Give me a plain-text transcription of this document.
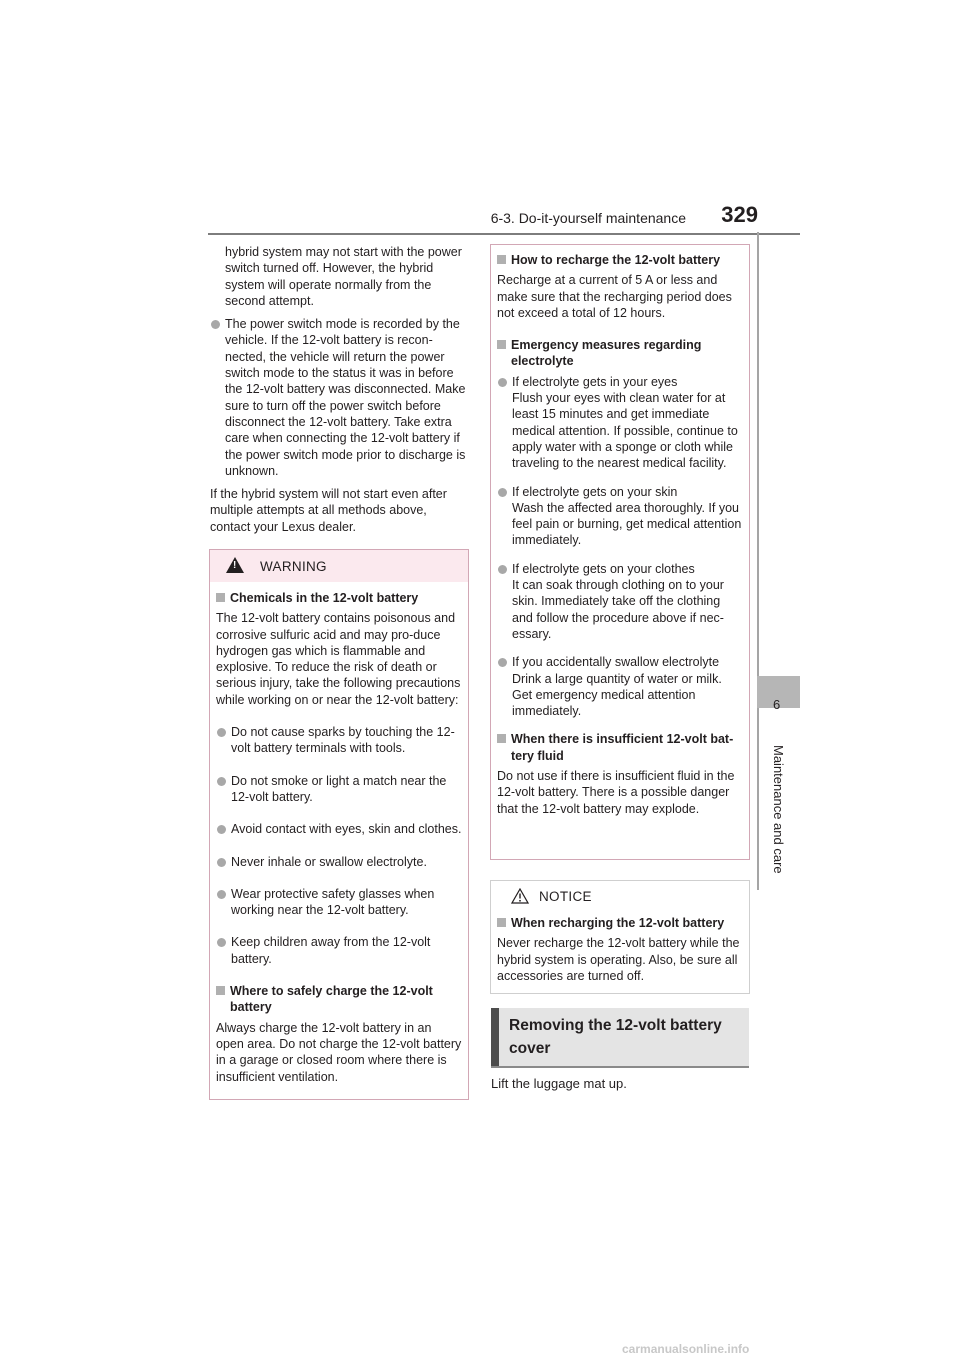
6-3. Do-it-yourself maintenance 329
6
Maintenance and care

hybrid system may not start with the power switch turned off. However, the hybrid system will operate normally from the second attempt.

The power switch mode is recorded by the vehicle. If the 12-volt battery is recon-nected, the vehicle will return the power switch mode to the status it was in before the 12-volt battery was disconnected. Make sure to turn off the power switch before disconnect the 12-volt battery. Take extra care when connecting the 12-volt battery if the power switch mode prior to discharge is unknown.

If the hybrid system will not start even after multiple attempts at all methods above, contact your Lexus dealer.

!
WARNING

Chemicals in the 12-volt battery

The 12-volt battery contains poisonous and corrosive sulfuric acid and may pro-duce hydrogen gas which is flammable and explosive. To reduce the risk of death or serious injury, take the following precautions while working on or near the 12-volt battery:

Do not cause sparks by touching the 12-volt battery terminals with tools.

Do not smoke or light a match near the 12-volt battery.

Avoid contact with eyes, skin and clothes.

Never inhale or swallow electrolyte.

Wear protective safety glasses when working near the 12-volt battery.

Keep children away from the 12-volt battery.

Where to safely charge the 12-volt battery

Always charge the 12-volt battery in an open area. Do not charge the 12-volt battery in a garage or closed room where there is insufficient ventilation.

How to recharge the 12-volt battery

Recharge at a current of 5 A or less and make sure that the recharging period does not exceed a total of 12 hours.

Emergency measures regarding electrolyte

If electrolyte gets in your eyes
Flush your eyes with clean water for at least 15 minutes and get immediate medical attention. If possible, continue to apply water with a sponge or cloth while traveling to the nearest medical facility.
If electrolyte gets on your skin
Wash the affected area thoroughly. If you feel pain or burning, get medical attention immediately.
If electrolyte gets on your clothes
It can soak through clothing on to your skin. Immediately take off the clothing and follow the procedure above if nec-essary.
If you accidentally swallow electrolyte
Drink a large quantity of water or milk. Get emergency medical attention immediately.

When there is insufficient 12-volt bat-tery fluid

Do not use if there is insufficient fluid in the 12-volt battery. There is a possible danger that the 12-volt battery may explode.

NOTICE

When recharging the 12-volt battery

Never recharge the 12-volt battery while the hybrid system is operating. Also, be sure all accessories are turned off.

Removing the 12-volt battery cover
Lift the luggage mat up.
carmanualsonline.info
